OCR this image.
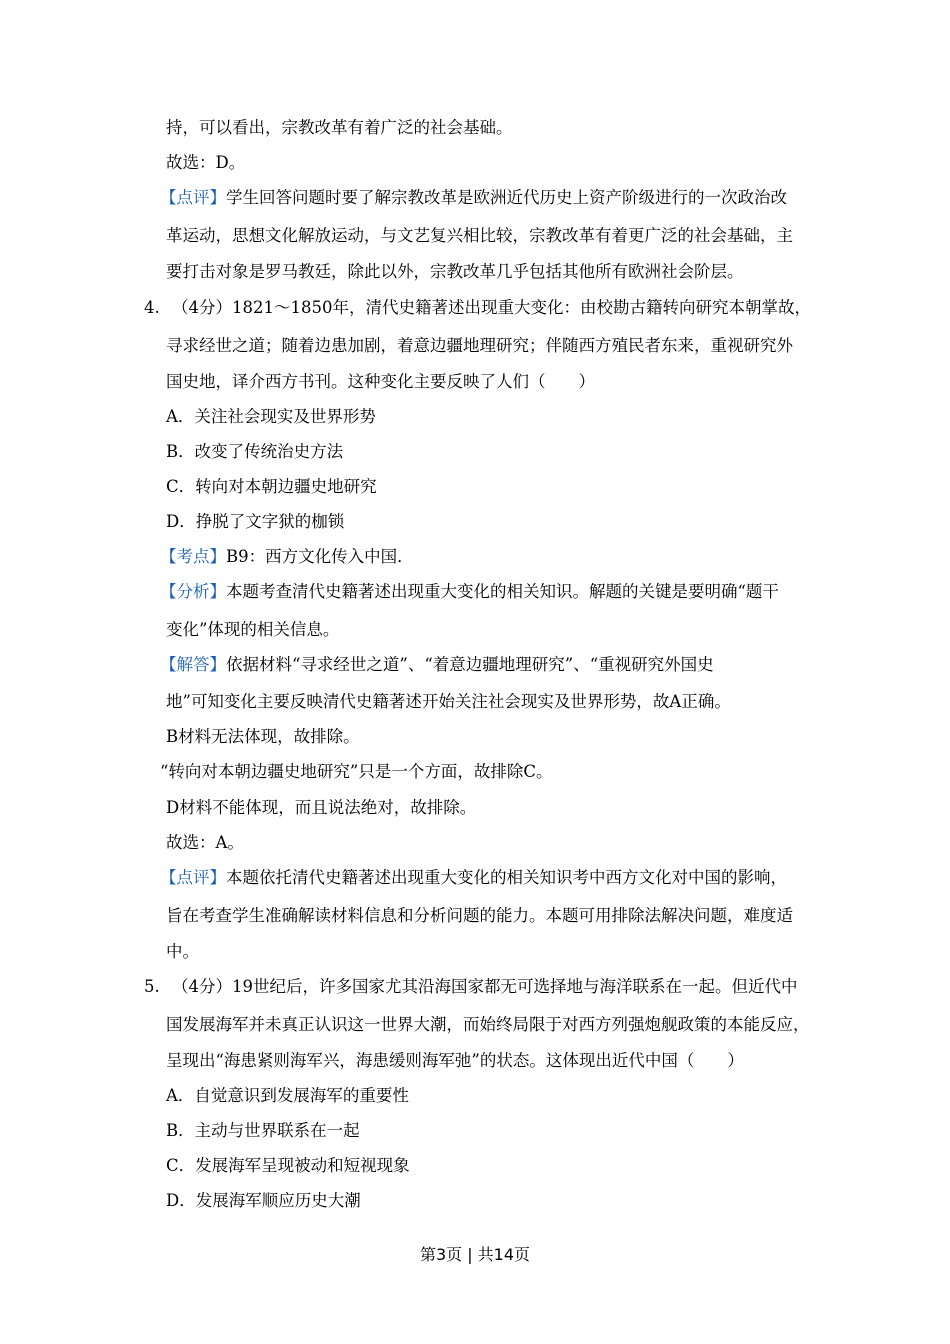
持，可以看出，宗教改革有着广泛的社会基础。
故选：D。
【点评】学生回答问题时要了解宗教改革是欧洲近代历史上资产阶级进行的一次政治改
革运动，思想文化解放运动，与文艺复兴相比较，宗教改革有着更广泛的社会基础，主
要打击对象是罗马教廷，除此以外，宗教改革几乎包括其他所有欧洲社会阶层。
4. （4分）1821～1850年，清代史籍著述出现重大变化：由校勘古籍转向研究本朝掌故，
寻求经世之道；随着边患加剧，着意边疆地理研究；伴随西方殖民者东来，重视研究外
国史地，译介西方书刊。这种变化主要反映了人们（　　）
A．关注社会现实及世界形势
B．改变了传统治史方法
C．转向对本朝边疆史地研究
D．挣脱了文字狱的枷锁
【考点】B9：西方文化传入中国．
【分析】本题考查清代史籍著述出现重大变化的相关知识。解题的关键是要明确“题干
变化”体现的相关信息。
【解答】依据材料“寻求经世之道”、“着意边疆地理研究”、“重视研究外国史
地”可知变化主要反映清代史籍著述开始关注社会现实及世界形势，故A正确。
B材料无法体现，故排除。
“转向对本朝边疆史地研究”只是一个方面，故排除C。
D材料不能体现，而且说法绝对，故排除。
故选：A。
【点评】本题依托清代史籍著述出现重大变化的相关知识考中西方文化对中国的影响，
旨在考查学生准确解读材料信息和分析问题的能力。本题可用排除法解决问题，难度适
中。
5. （4分）19世纪后，许多国家尤其沿海国家都无可选择地与海洋联系在一起。但近代中
国发展海军并未真正认识这一世界大潮，而始终局限于对西方列强炮舰政策的本能反应，
呈现出“海患紧则海军兴，海患缓则海军弛”的状态。这体现出近代中国（　　）
A．自觉意识到发展海军的重要性
B．主动与世界联系在一起
C．发展海军呈现被动和短视现象
D．发展海军顺应历史大潮
第3页 | 共14页
